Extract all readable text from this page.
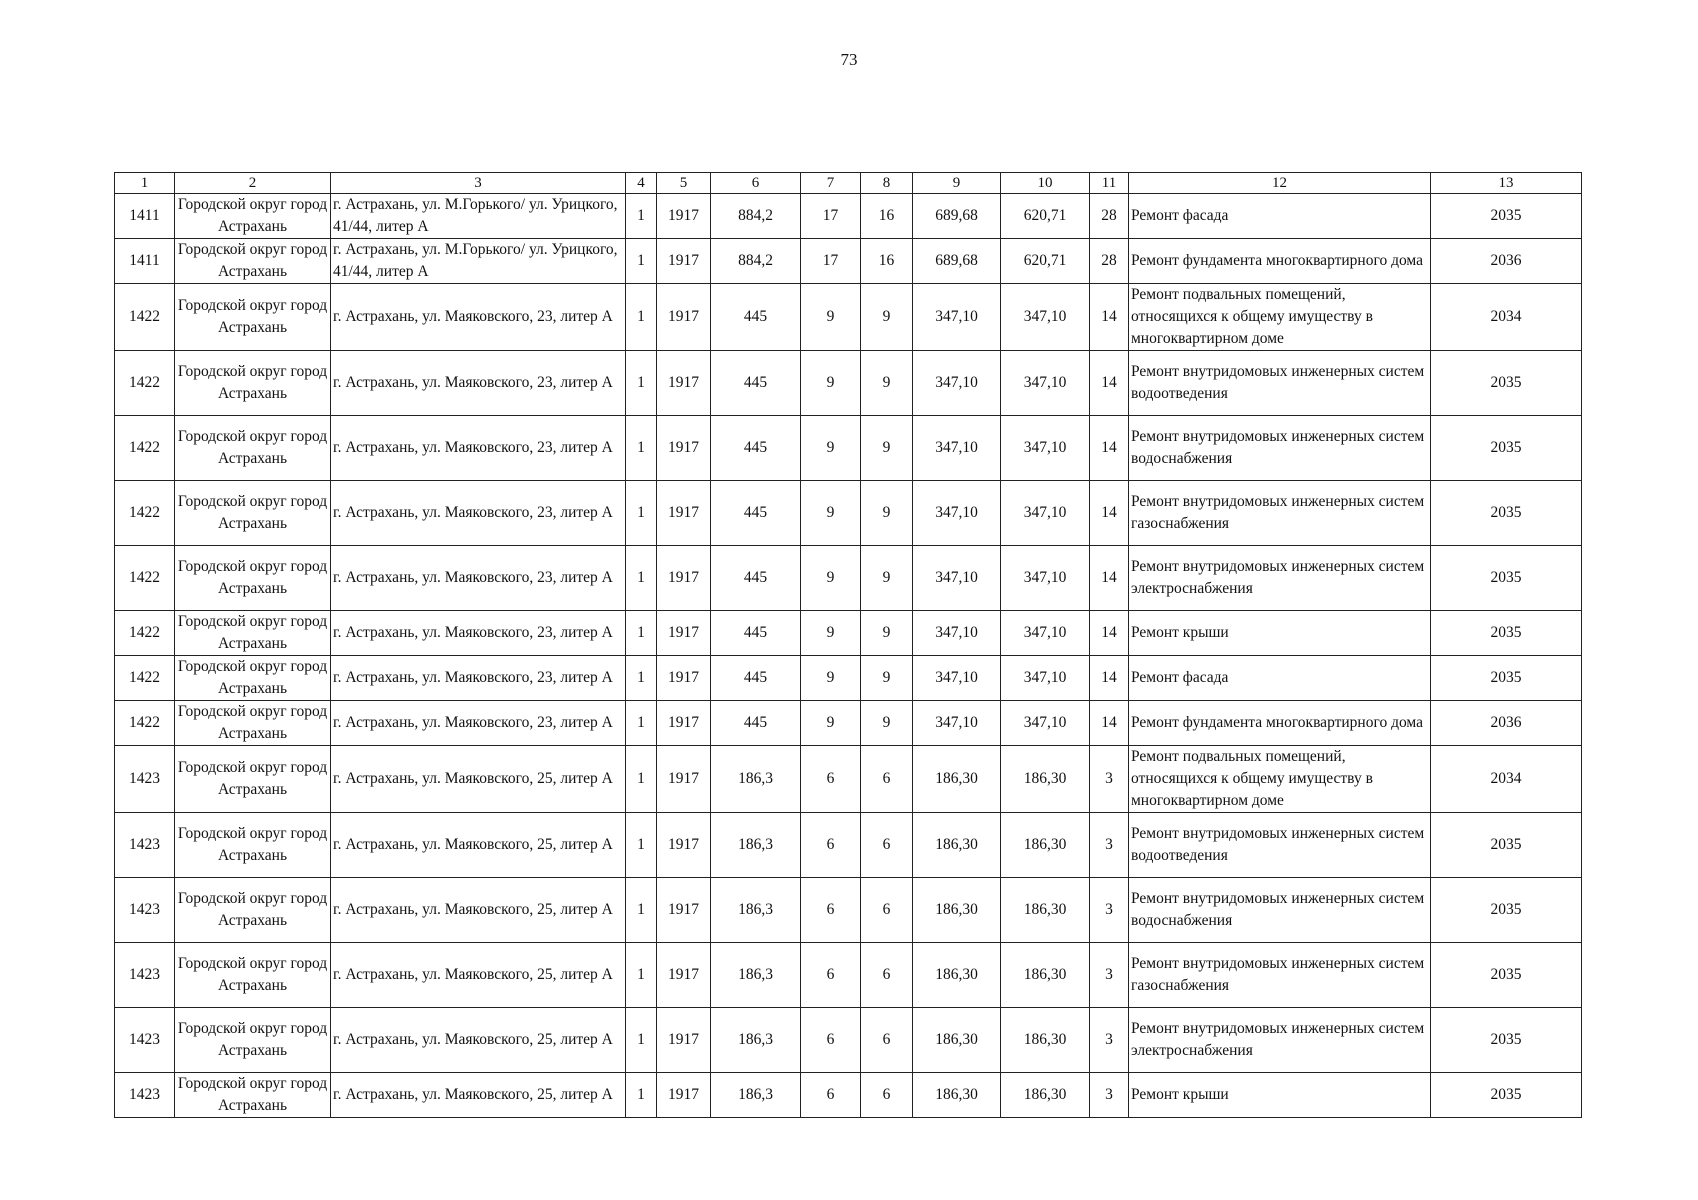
73
1	2	3	4	5	6	7	8	9	10	11	12	13
1411	Городской округ город Астрахань	г. Астрахань, ул. М.Горького/ ул. Урицкого, 41/44, литер А	1	1917	884,2	17	16	689,68	620,71	28	Ремонт фасада	2035
1411	Городской округ город Астрахань	г. Астрахань, ул. М.Горького/ ул. Урицкого, 41/44, литер А	1	1917	884,2	17	16	689,68	620,71	28	Ремонт фундамента многоквартирного дома	2036
1422	Городской округ город Астрахань	г. Астрахань, ул. Маяковского, 23, литер А	1	1917	445	9	9	347,10	347,10	14	Ремонт подвальных помещений, относящихся к общему имуществу в многоквартирном доме	2034
1422	Городской округ город Астрахань	г. Астрахань, ул. Маяковского, 23, литер А	1	1917	445	9	9	347,10	347,10	14	Ремонт внутридомовых инженерных систем водоотведения	2035
1422	Городской округ город Астрахань	г. Астрахань, ул. Маяковского, 23, литер А	1	1917	445	9	9	347,10	347,10	14	Ремонт внутридомовых инженерных систем водоснабжения	2035
1422	Городской округ город Астрахань	г. Астрахань, ул. Маяковского, 23, литер А	1	1917	445	9	9	347,10	347,10	14	Ремонт внутридомовых инженерных систем газоснабжения	2035
1422	Городской округ город Астрахань	г. Астрахань, ул. Маяковского, 23, литер А	1	1917	445	9	9	347,10	347,10	14	Ремонт внутридомовых инженерных систем электроснабжения	2035
1422	Городской округ город Астрахань	г. Астрахань, ул. Маяковского, 23, литер А	1	1917	445	9	9	347,10	347,10	14	Ремонт крыши	2035
1422	Городской округ город Астрахань	г. Астрахань, ул. Маяковского, 23, литер А	1	1917	445	9	9	347,10	347,10	14	Ремонт фасада	2035
1422	Городской округ город Астрахань	г. Астрахань, ул. Маяковского, 23, литер А	1	1917	445	9	9	347,10	347,10	14	Ремонт фундамента многоквартирного дома	2036
1423	Городской округ город Астрахань	г. Астрахань, ул. Маяковского, 25, литер А	1	1917	186,3	6	6	186,30	186,30	3	Ремонт подвальных помещений, относящихся к общему имуществу в многоквартирном доме	2034
1423	Городской округ город Астрахань	г. Астрахань, ул. Маяковского, 25, литер А	1	1917	186,3	6	6	186,30	186,30	3	Ремонт внутридомовых инженерных систем водоотведения	2035
1423	Городской округ город Астрахань	г. Астрахань, ул. Маяковского, 25, литер А	1	1917	186,3	6	6	186,30	186,30	3	Ремонт внутридомовых инженерных систем водоснабжения	2035
1423	Городской округ город Астрахань	г. Астрахань, ул. Маяковского, 25, литер А	1	1917	186,3	6	6	186,30	186,30	3	Ремонт внутридомовых инженерных систем газоснабжения	2035
1423	Городской округ город Астрахань	г. Астрахань, ул. Маяковского, 25, литер А	1	1917	186,3	6	6	186,30	186,30	3	Ремонт внутридомовых инженерных систем электроснабжения	2035
1423	Городской округ город Астрахань	г. Астрахань, ул. Маяковского, 25, литер А	1	1917	186,3	6	6	186,30	186,30	3	Ремонт крыши	2035
